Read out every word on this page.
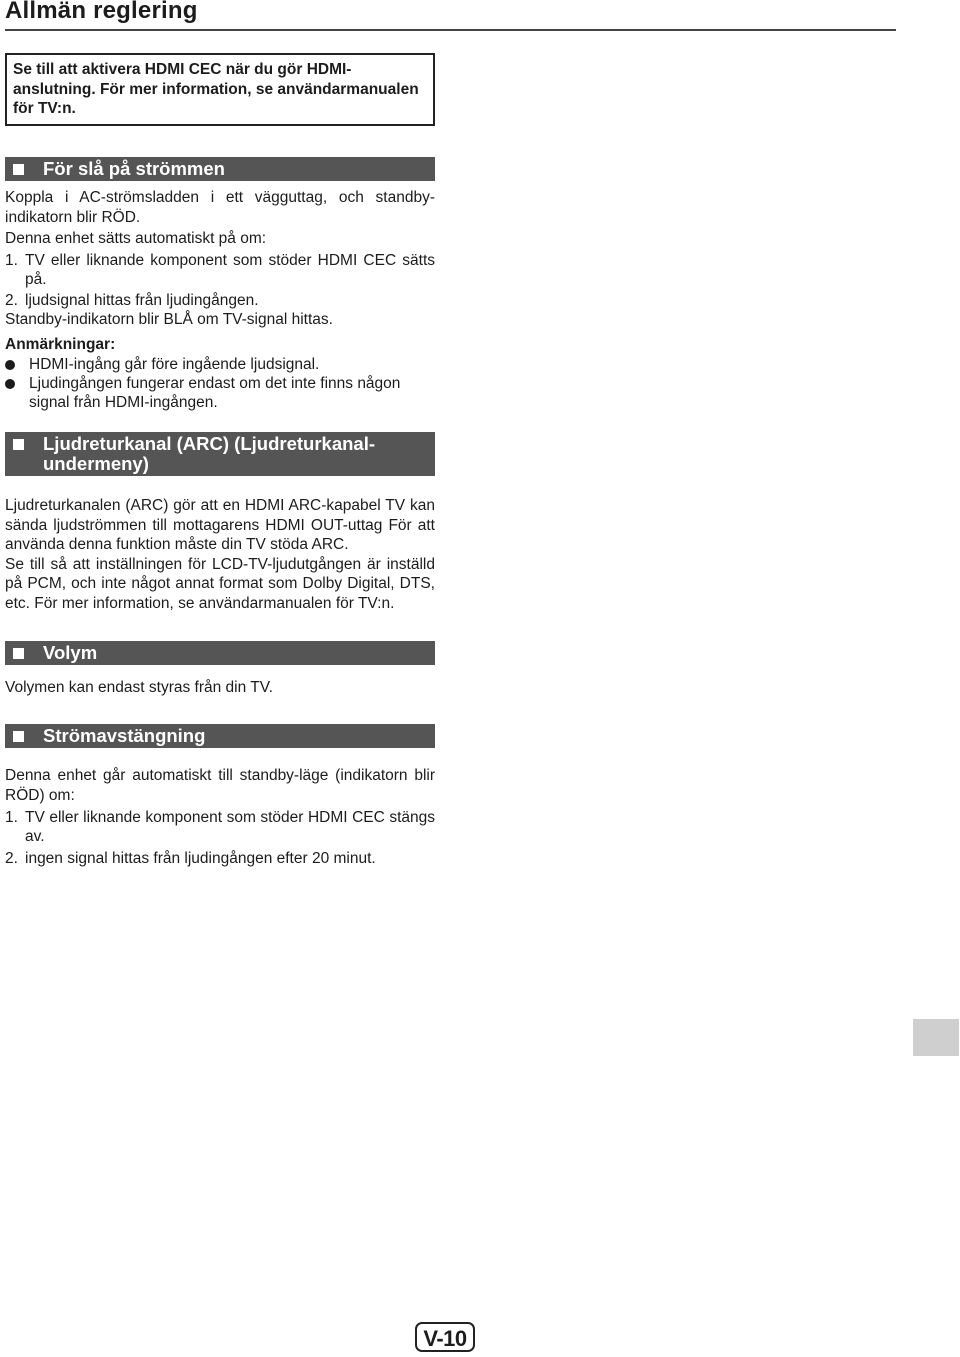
Allmän reglering
Se till att aktivera HDMI CEC när du gör HDMI-anslutning. För mer information, se användarmanualen för TV:n.
För slå på strömmen

Koppla i AC-strömsladden i ett vägguttag, och standby-indikatorn blir RÖD.

Denna enhet sätts automatiskt på om:

1. TV eller liknande komponent som stöder HDMI CEC sätts på.
2. ljudsignal hittas från ljudingången.

Standby-indikatorn blir BLÅ om TV-signal hittas.

Anmärkningar:

HDMI-ingång går före ingående ljudsignal.
Ljudingången fungerar endast om det inte finns någon signal från HDMI-ingången.
Ljudreturkanal (ARC) (Ljudreturkanal-undermeny)

Ljudreturkanalen (ARC) gör att en HDMI ARC-kapabel TV kan sända ljudströmmen till mottagarens HDMI OUT-uttag För att använda denna funktion måste din TV stöda ARC.

Se till så att inställningen för LCD-TV-ljudutgången är inställd på PCM, och inte något annat format som Dolby Digital, DTS, etc. För mer information, se användarmanualen för TV:n.

Volym

Volymen kan endast styras från din TV.

Strömavstängning

Denna enhet går automatiskt till standby-läge (indikatorn blir RÖD) om:

1. TV eller liknande komponent som stöder HDMI CEC stängs av.
2. ingen signal hittas från ljudingången efter 20 minut.
V-10
